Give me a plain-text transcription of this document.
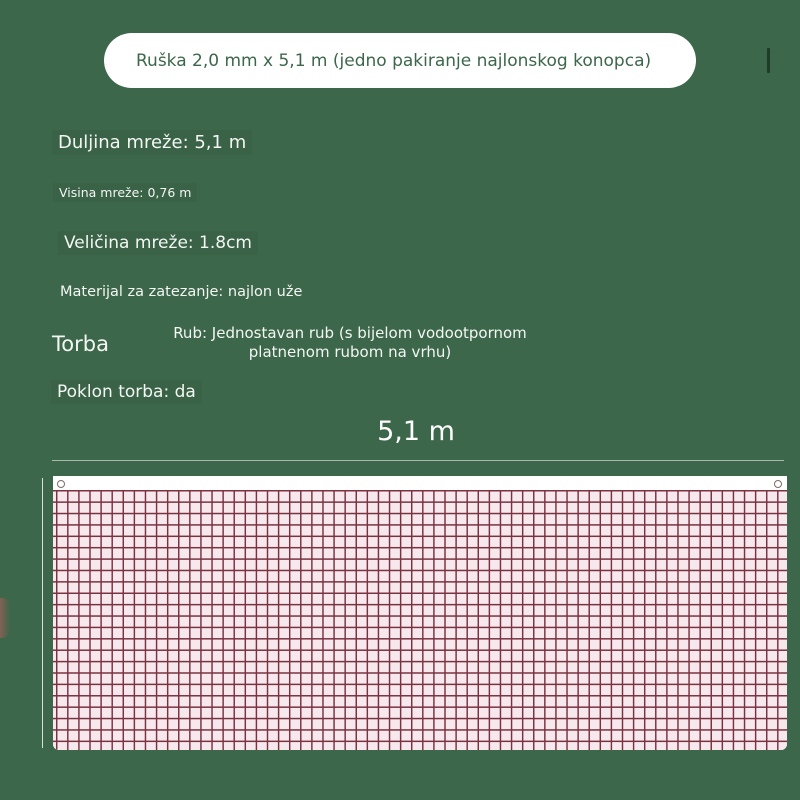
Ruška 2,0 mm x 5,1 m (jedno pakiranje najlonskog konopca)
Duljina mreže: 5,1 m
Visina mreže: 0,76 m
Veličina mreže: 1.8cm
Materijal za zatezanje: najlon uže
Torba	Rub: Jednostavan rub (s bijelom vodootpornom platnenom rubom na vrhu)
Poklon torba: da
5,1 m
